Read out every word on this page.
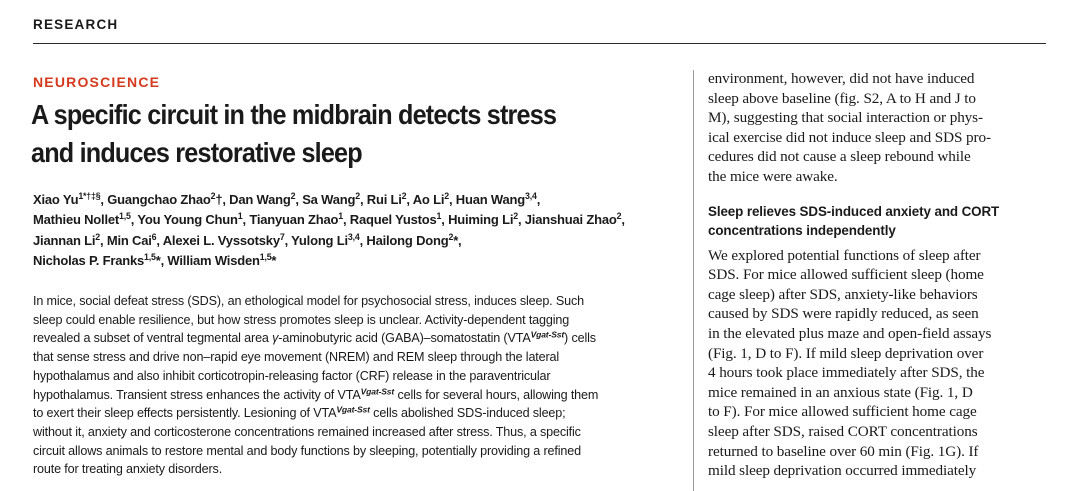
RESEARCH
NEUROSCIENCE
A specific circuit in the midbrain detects stress
and induces restorative sleep
Xiao $Yu^{1*\dagger\ddagger\S}$, Guangchao Zhao$^2$†, Dan Wang$^2$, Sa Wang$^2$, Rui Li$^2$, Ao Li$^2$, Huan Wang$^{3,4}$,
Mathieu Nollet$^{1,5}$, You Young Chun$^1$, Tianyuan Zhao$^1$, Raquel Yustos$^1$, Huiming Li$^2$, Jianshuai Zhao$^2$,
Jiannan Li$^2$, Min Cai$^6$, Alexei L. Vyssotsky$^7$, Yulong Li$^{3,4}$, Hailong Dong$^2$*,
Nicholas P. Franks$^{1,5}$*, William Wisden$^{1,5}$*
In mice, social defeat stress (SDS), an ethological model for psychosocial stress, induces sleep. Such
sleep could enable resilience, but how stress promotes sleep is unclear. Activity-dependent tagging
revealed a subset of ventral tegmental area γ-aminobutyric acid (GABA)–somatostatin $(VTA^{Vgat-Sst})$ cells
that sense stress and drive non–rapid eye movement (NREM) and REM sleep through the lateral
hypothalamus and also inhibit corticotropin-releasing factor (CRF) release in the paraventricular
hypothalamus. Transient stress enhances the activity of $VTA^{Vgat-Sst}$ cells for several hours, allowing them
to exert their sleep effects persistently. Lesioning of $VTA^{Vgat-Sst}$ cells abolished SDS-induced sleep;
without it, anxiety and corticosterone concentrations remained increased after stress. Thus, a specific
circuit allows animals to restore mental and body functions by sleeping, potentially providing a refined
route for treating anxiety disorders.
environment, however, did not have induced
sleep above baseline (fig. S2, A to H and J to
M), suggesting that social interaction or phys-
ical exercise did not induce sleep and SDS pro-
cedures did not cause a sleep rebound while
the mice were awake.
Sleep relieves SDS-induced anxiety and CORT
concentrations independently
We explored potential functions of sleep after
SDS. For mice allowed sufficient sleep (home
cage sleep) after SDS, anxiety-like behaviors
caused by SDS were rapidly reduced, as seen
in the elevated plus maze and open-field assays
(Fig. 1, D to F). If mild sleep deprivation over
4 hours took place immediately after SDS, the
mice remained in an anxious state (Fig. 1, D
to F). For mice allowed sufficient home cage
sleep after SDS, raised CORT concentrations
returned to baseline over 60 min (Fig. 1G). If
mild sleep deprivation occurred immediately
